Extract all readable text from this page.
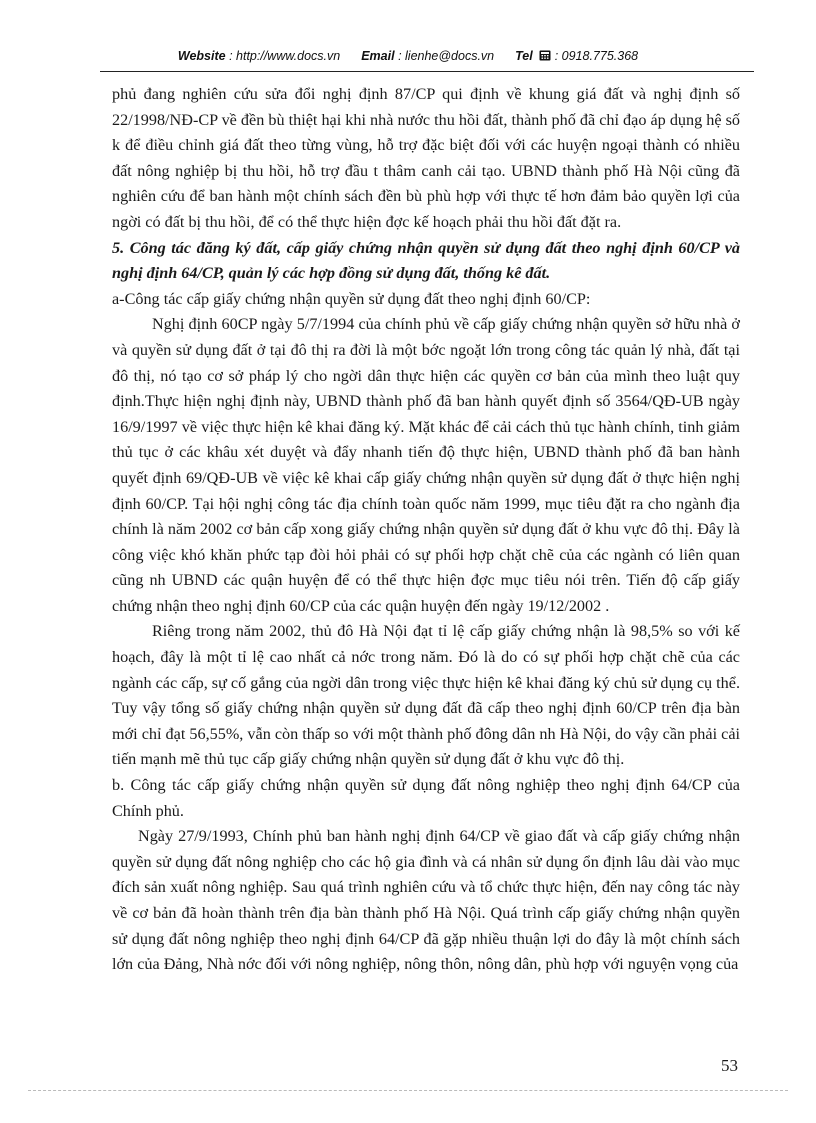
Website : http://www.docs.vn Email : lienhe@docs.vn Tel : 0918.775.368

phủ đang nghiên cứu sửa đổi nghị định 87/CP qui định về khung giá đất và nghị định số 22/1998/NĐ-CP về đền bù thiệt hại khi nhà nước thu hồi đất, thành phố đã chỉ đạo áp dụng hệ số k để điều chỉnh giá đất theo từng vùng, hỗ trợ đặc biệt đối với các huyện ngoại thành có nhiều đất nông nghiệp bị thu hồi, hỗ trợ đầu t thâm canh cải tạo. UBND thành phố Hà Nội cũng đã nghiên cứu để ban hành một chính sách đền bù phù hợp với thực tế hơn đảm bảo quyền lợi của ngời có đất bị thu hồi, để có thể thực hiện đợc kế hoạch phải thu hồi đất đặt ra.

5. Công tác đăng ký đất, cấp giấy chứng nhận quyền sử dụng đất theo nghị định 60/CP và nghị định 64/CP, quản lý các hợp đồng sử dụng đất, thống kê đất.

a-Công tác cấp giấy chứng nhận quyền sử dụng đất theo nghị định 60/CP:

Nghị định 60CP ngày 5/7/1994 của chính phủ về cấp giấy chứng nhận quyền sở hữu nhà ở và quyền sử dụng đất ở tại đô thị ra đời là một bớc ngoặt lớn trong công tác quản lý nhà, đất tại đô thị, nó tạo cơ sở pháp lý cho ngời dân thực hiện các quyền cơ bản của mình theo luật quy định.Thực hiện nghị định này, UBND thành phố đã ban hành quyết định số 3564/QĐ-UB ngày 16/9/1997 về việc thực hiện kê khai đăng ký. Mặt khác để cải cách thủ tục hành chính, tinh giảm thủ tục ở các khâu xét duyệt và đẩy nhanh tiến độ thực hiện, UBND thành phố đã ban hành quyết định 69/QĐ-UB về việc kê khai cấp giấy chứng nhận quyền sử dụng đất ở thực hiện nghị định 60/CP. Tại hội nghị công tác địa chính toàn quốc năm 1999, mục tiêu đặt ra cho ngành địa chính là năm 2002 cơ bản cấp xong giấy chứng nhận quyền sử dụng đất ở khu vực đô thị. Đây là công việc khó khăn phức tạp đòi hỏi phải có sự phối hợp chặt chẽ của các ngành có liên quan cũng nh UBND các quận huyện để có thể thực hiện đợc mục tiêu nói trên. Tiến độ cấp giấy chứng nhận theo nghị định 60/CP của các quận huyện đến ngày 19/12/2002 .

Riêng trong năm 2002, thủ đô Hà Nội đạt tỉ lệ cấp giấy chứng nhận là 98,5% so với kế hoạch, đây là một tỉ lệ cao nhất cả nớc trong năm. Đó là do có sự phối hợp chặt chẽ của các ngành các cấp, sự cố gắng của ngời dân trong việc thực hiện kê khai đăng ký chủ sử dụng cụ thể. Tuy vậy tổng số giấy chứng nhận quyền sử dụng đất đã cấp theo nghị định 60/CP trên địa bàn mới chỉ đạt 56,55%, vẫn còn thấp so với một thành phố đông dân nh Hà Nội, do vậy cần phải cải tiến mạnh mẽ thủ tục cấp giấy chứng nhận quyền sử dụng đất ở khu vực đô thị.

b. Công tác cấp giấy chứng nhận quyền sử dụng đất nông nghiệp theo nghị định 64/CP của Chính phủ.

Ngày 27/9/1993, Chính phủ ban hành nghị định 64/CP về giao đất và cấp giấy chứng nhận quyền sử dụng đất nông nghiệp cho các hộ gia đình và cá nhân sử dụng ổn định lâu dài vào mục đích sản xuất nông nghiệp. Sau quá trình nghiên cứu và tổ chức thực hiện, đến nay công tác này về cơ bản đã hoàn thành trên địa bàn thành phố Hà Nội. Quá trình cấp giấy chứng nhận quyền sử dụng đất nông nghiệp theo nghị định 64/CP đã gặp nhiều thuận lợi do đây là một chính sách lớn của Đảng, Nhà nớc đối với nông nghiệp, nông thôn, nông dân, phù hợp với nguyện vọng của

53
